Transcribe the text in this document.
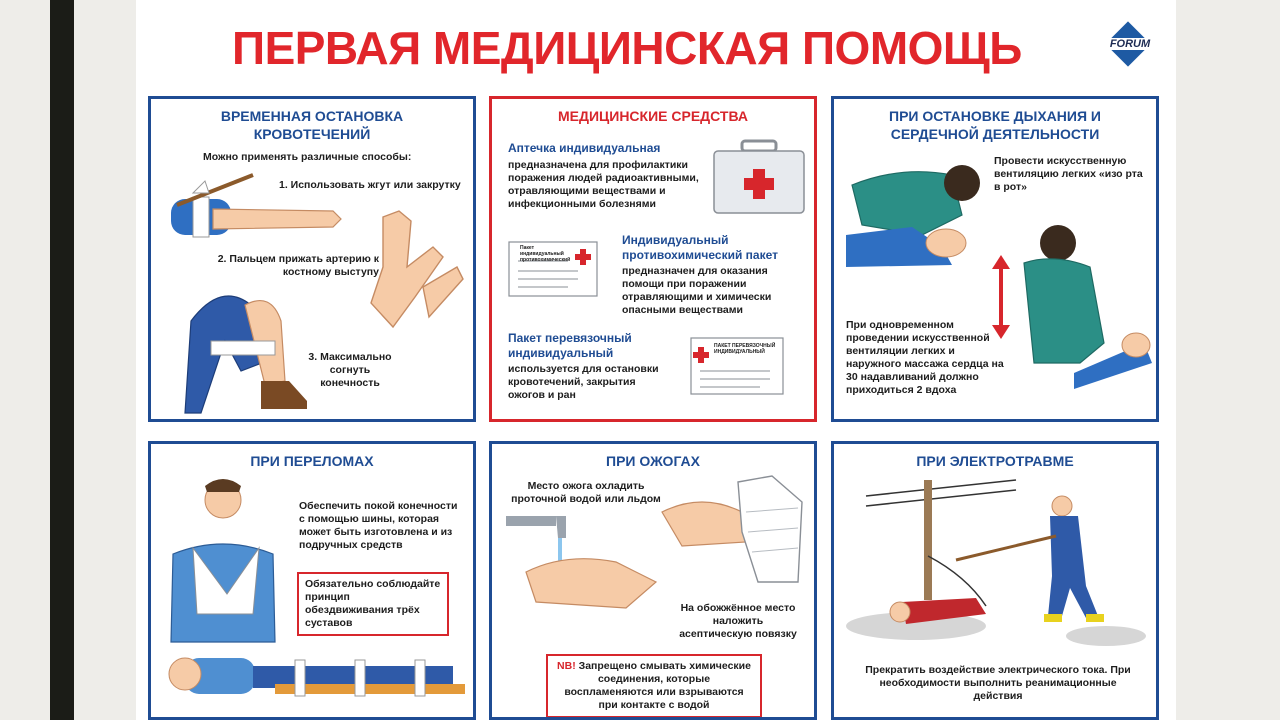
ПЕРВАЯ МЕДИЦИНСКАЯ ПОМОЩЬ	FORUM
ВРЕМЕННАЯ ОСТАНОВКА КРОВОТЕЧЕНИЙ
Можно применять различные способы:
1. Использовать жгут или закрутку
2. Пальцем прижать артерию к костному выступу
3. Максимально согнуть конечность
МЕДИЦИНСКИЕ СРЕДСТВА
Аптечка индивидуальная
предназначена для профилактики поражения людей радиоактивными, отравляющими веществами и инфекционными болезнями
Пакет индивидуальный противохимический
Индивидуальный противохимический пакет
предназначен для оказания помощи при поражении отравляющими и химически опасными веществами
Пакет перевязочный индивидуальный
используется для остановки кровотечений, закрытия ожогов и ран
ПАКЕТ ПЕРЕВЯЗОЧНЫЙ ИНДИВИДУАЛЬНЫЙ
ПРИ ОСТАНОВКЕ ДЫХАНИЯ И СЕРДЕЧНОЙ ДЕЯТЕЛЬНОСТИ
Провести искусственную вентиляцию легких «изо рта в рот»
При одновременном проведении искусственной вентиляции легких и наружного массажа сердца на 30 надавливаний должно приходиться 2 вдоха
ПРИ ПЕРЕЛОМАХ
Обеспечить покой конечности с помощью шины, которая может быть изготовлена и из подручных средств
Обязательно соблюдайте принцип обездвиживания трёх суставов
ПРИ ОЖОГАХ
Место ожога охладить проточной водой или льдом
На обожжённое место наложить асептическую повязку
NB! Запрещено смывать химические соединения, которые воспламеняются или взрываются при контакте с водой
ПРИ ЭЛЕКТРОТРАВМЕ
Прекратить воздействие электрического тока. При необходимости выполнить реанимационные действия
